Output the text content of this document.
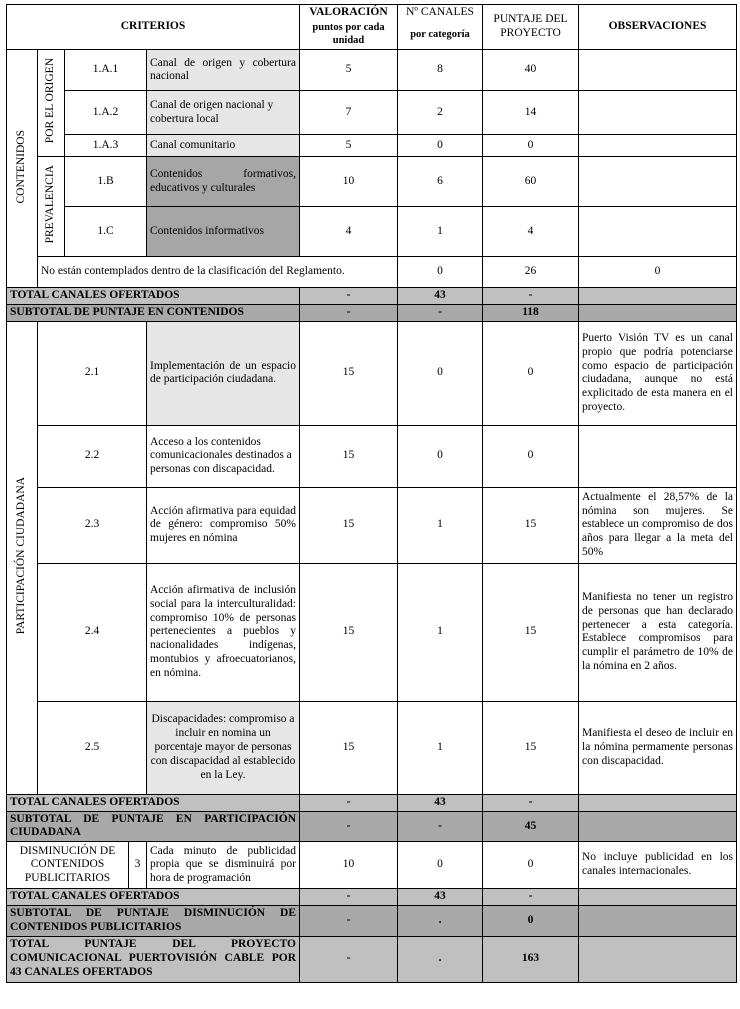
CRITERIOS					VALORACIÓN	Nº CANALES	PUNTAJE DEL PROYECTO	OBSERVACIONES	
					puntos por cada unidad	por categoría			
CONTENIDOS	POR EL ORIGEN	1.A.1		Canal de origen y cobertura nacional	5	8	40		
		1.A.2		Canal de origen nacional y cobertura local	7	2	14		
		1.A.3		Canal comunitario	5	0	0		
	PREVALENCIA	1.B		Contenidos formativos, educativos y culturales	10	6	60		
		1.C		Contenidos informativos	4	1	4		
	No están contemplados dentro de la clasificación del Reglamento.					0	26	0	
TOTAL CANALES OFERTADOS					-	43	-		
SUBTOTAL DE PUNTAJE EN CONTENIDOS					-	-	118		
PARTICIPACIÓN CIUDADANA	2.1			Implementación de un espacio de participación ciudadana.	15	0	0	Puerto Visión TV es un canal propio que podría potenciarse como espacio de participación ciudadana, aunque no está explicitado de esta manera en el proyecto.	
	2.2			Acceso a los contenidos comunicacionales destinados a personas con discapacidad.	15	0	0		
	2.3			Acción afirmativa para equidad de género: compromiso 50% mujeres en nómina	15	1	15	Actualmente el 28,57% de la nómina son mujeres. Se establece un compromiso de dos años para llegar a la meta del 50%	
	2.4			Acción afirmativa de inclusión social para la interculturalidad: compromiso 10% de personas pertenecientes a pueblos y nacionalidades indígenas, montubios y afroecuatorianos, en nómina.	15	1	15	Manifiesta no tener un registro de personas que han declarado pertenecer a esta categoría. Establece compromisos para cumplir el parámetro de 10% de la nómina en 2 años.	
	2.5			Discapacidades: compromiso a incluir en nomina un porcentaje mayor de personas con discapacidad al establecido en la Ley.	15	1	15	Manifiesta el deseo de incluir en la nómina permamente personas con discapacidad.	
TOTAL CANALES OFERTADOS					-	43	-		
SUBTOTAL DE PUNTAJE EN PARTICIPACIÓN CIUDADANA					-	-	45		
DISMINUCIÓN DE CONTENIDOS PUBLICITARIOS			3	Cada minuto de publicidad propia que se disminuirá por hora de programación	10	0	0	No incluye publicidad en los canales internacionales.	
TOTAL CANALES OFERTADOS					-	43	-		
SUBTOTAL DE PUNTAJE DISMINUCIÓN DE CONTENIDOS PUBLICITARIOS					-	.	0		
TOTAL PUNTAJE DEL PROYECTO COMUNICACIONAL PUERTOVISIÓN CABLE POR 43 CANALES OFERTADOS					-	.	163		
